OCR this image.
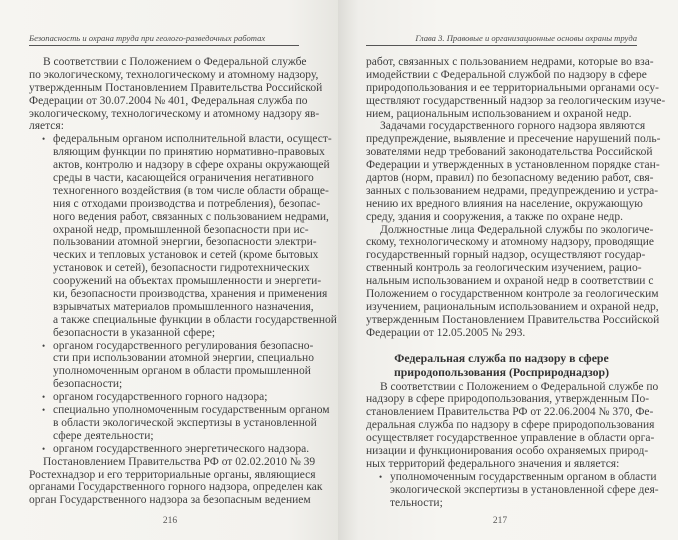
Безопасность и охрана труда при геолого-разведочных работах
В соответствии с Положением о Федеральной службе
по экологическому, технологическому и атомному надзору,
утвержденным Постановлением Правительства Российской
Федерации от 30.07.2004 № 401, Федеральная служба по
экологическому, технологическому и атомному надзору яв-
ляется:
• федеральным органом исполнительной власти, осущест-
вляющим функции по принятию нормативно-правовых
актов, контролю и надзору в сфере охраны окружающей
среды в части, касающейся ограничения негативного
техногенного воздействия (в том числе области обраще-
ния с отходами производства и потребления), безопас-
ного ведения работ, связанных с пользованием недрами,
охраной недр, промышленной безопасности при ис-
пользовании атомной энергии, безопасности электри-
ческих и тепловых установок и сетей (кроме бытовых
установок и сетей), безопасности гидротехнических
сооружений на объектах промышленности и энергети-
ки, безопасности производства, хранения и применения
взрывчатых материалов промышленного назначения,
а также специальные функции в области государственной
безопасности в указанной сфере;
• органом государственного регулирования безопасно-
сти при использовании атомной энергии, специально
уполномоченным органом в области промышленной
безопасности;
• органом государственного горного надзора;
• специально уполномоченным государственным органом
в области экологической экспертизы в установленной
сфере деятельности;
• органом государственного энергетического надзора.
Постановлением Правительства РФ от 02.02.2010 № 39
Ростехнадзор и его территориальные органы, являющиеся
органами Государственного горного надзора, определен как
орган Государственного надзора за безопасным ведением
216
Глава 3. Правовые и организационные основы охраны труда
работ, связанных с пользованием недрами, которые во вза-
имодействии с Федеральной службой по надзору в сфере
природопользования и ее территориальными органами осу-
ществляют государственный надзор за геологическим изуче-
нием, рациональным использованием и охраной недр.
Задачами государственного горного надзора являются
предупреждение, выявление и пресечение нарушений поль-
зователями недр требований законодательства Российской
Федерации и утвержденных в установленном порядке стан-
дартов (норм, правил) по безопасному ведению работ, свя-
занных с пользованием недрами, предупреждению и устра-
нению их вредного влияния на население, окружающую
среду, здания и сооружения, а также по охране недр.
Должностные лица Федеральной службы по экологиче-
скому, технологическому и атомному надзору, проводящие
государственный горный надзор, осуществляют государ-
ственный контроль за геологическим изучением, рацио-
нальным использованием и охраной недр в соответствии с
Положением о государственном контроле за геологическим
изучением, рациональным использованием и охраной недр,
утвержденным Постановлением Правительства Российской
Федерации от 12.05.2005 № 293.
Федеральная служба по надзору в сфере
природопользования (Росприроднадзор)
В соответствии с Положением о Федеральной службе по
надзору в сфере природопользования, утвержденным По-
становлением Правительства РФ от 22.06.2004 № 370, Фе-
деральная служба по надзору в сфере природопользования
осуществляет государственное управление в области орга-
низации и функционирования особо охраняемых природ-
ных территорий федерального значения и является:
• уполномоченным государственным органом в области
экологической экспертизы в установленной сфере дея-
тельности;
217
